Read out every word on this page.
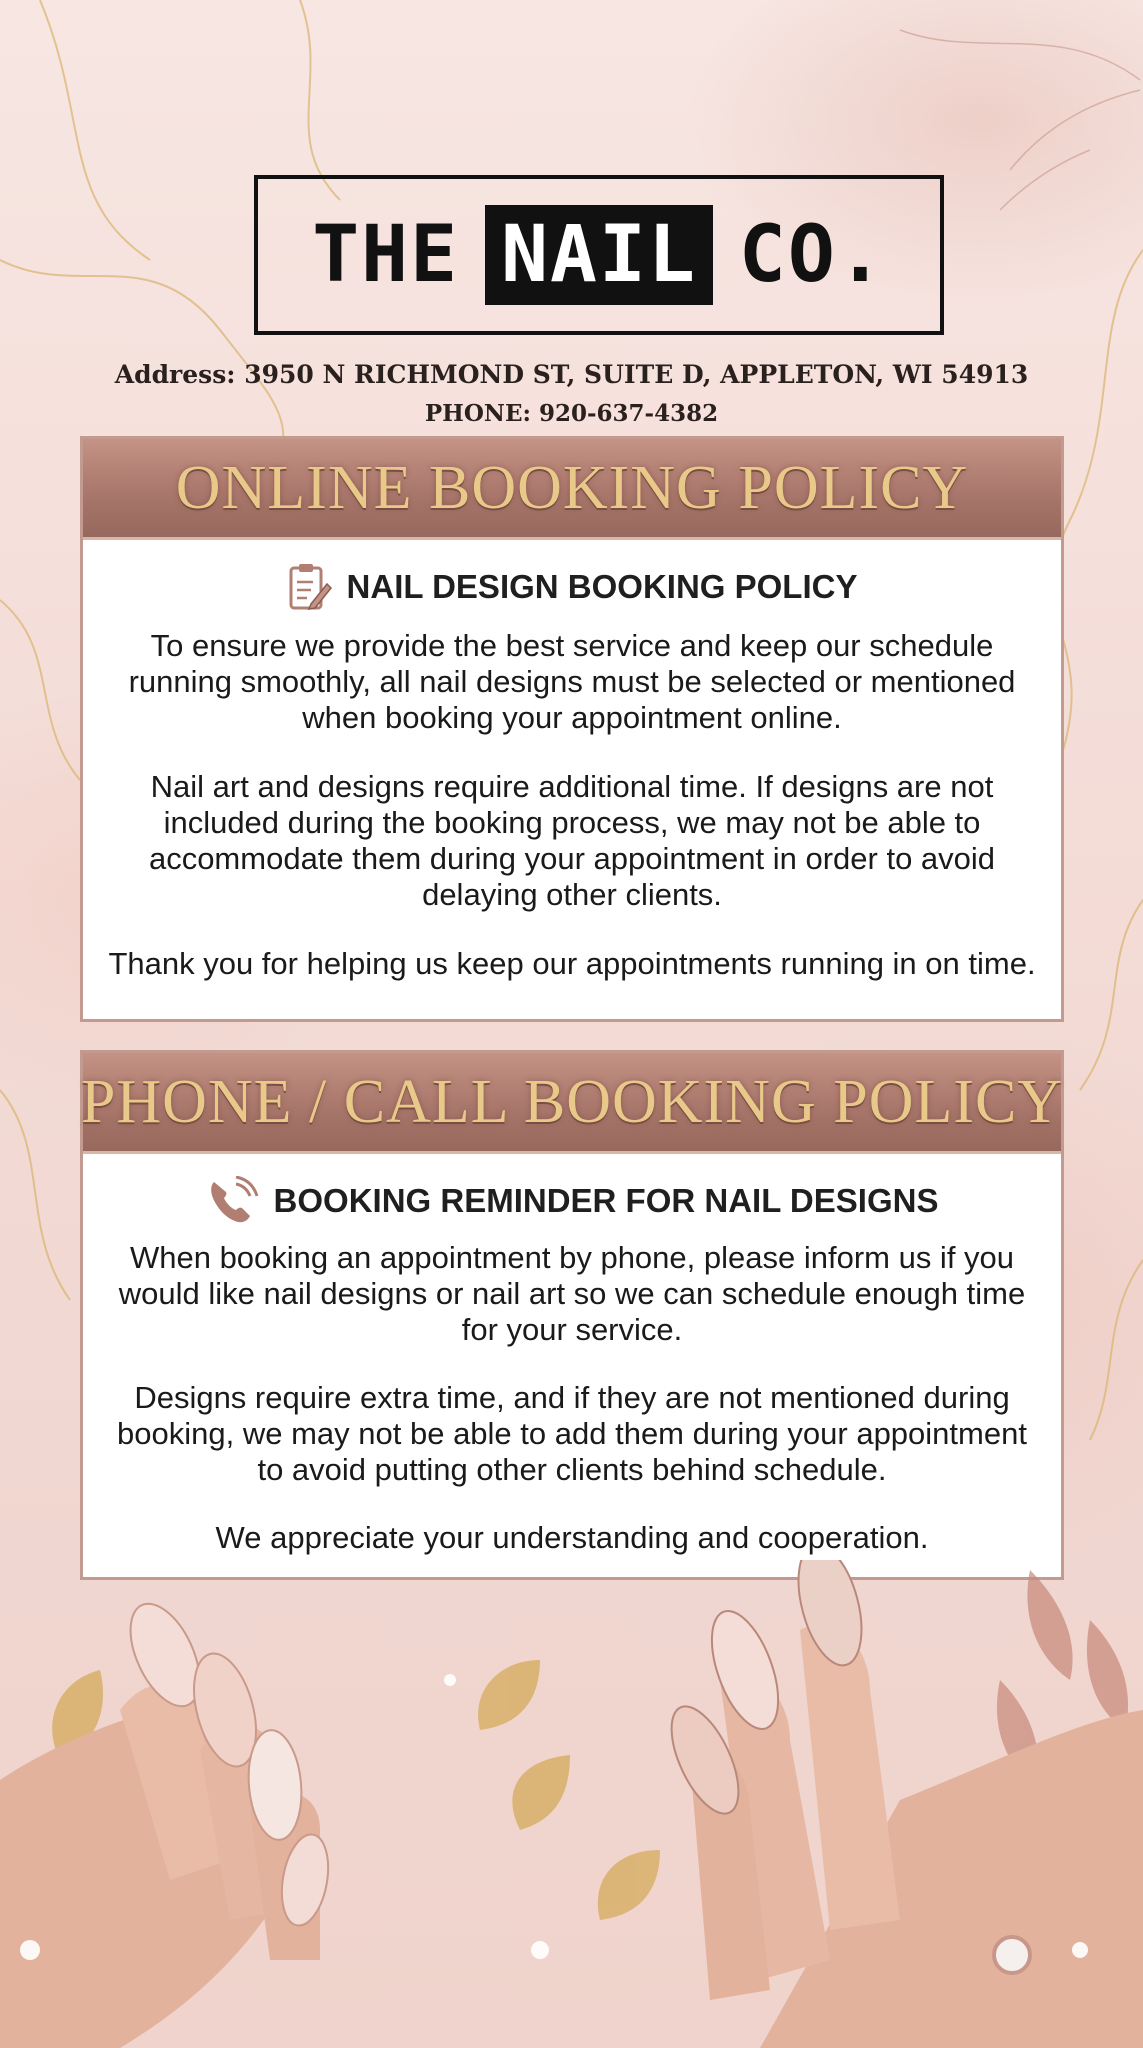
THE NAIL CO.
Address: 3950 N RICHMOND ST, SUITE D, APPLETON, WI 54913
PHONE: 920-637-4382
ONLINE BOOKING POLICY
NAIL DESIGN BOOKING POLICY

To ensure we provide the best service and keep our schedule running smoothly, all nail designs must be selected or mentioned when booking your appointment online.

Nail art and designs require additional time. If designs are not included during the booking process, we may not be able to accommodate them during your appointment in order to avoid delaying other clients.

Thank you for helping us keep our appointments running in on time.

PHONE / CALL BOOKING POLICY
BOOKING REMINDER FOR NAIL DESIGNS

When booking an appointment by phone, please inform us if you would like nail designs or nail art so we can schedule enough time for your service.

Designs require extra time, and if they are not mentioned during booking, we may not be able to add them during your appointment to avoid putting other clients behind schedule.

We appreciate your understanding and cooperation.
